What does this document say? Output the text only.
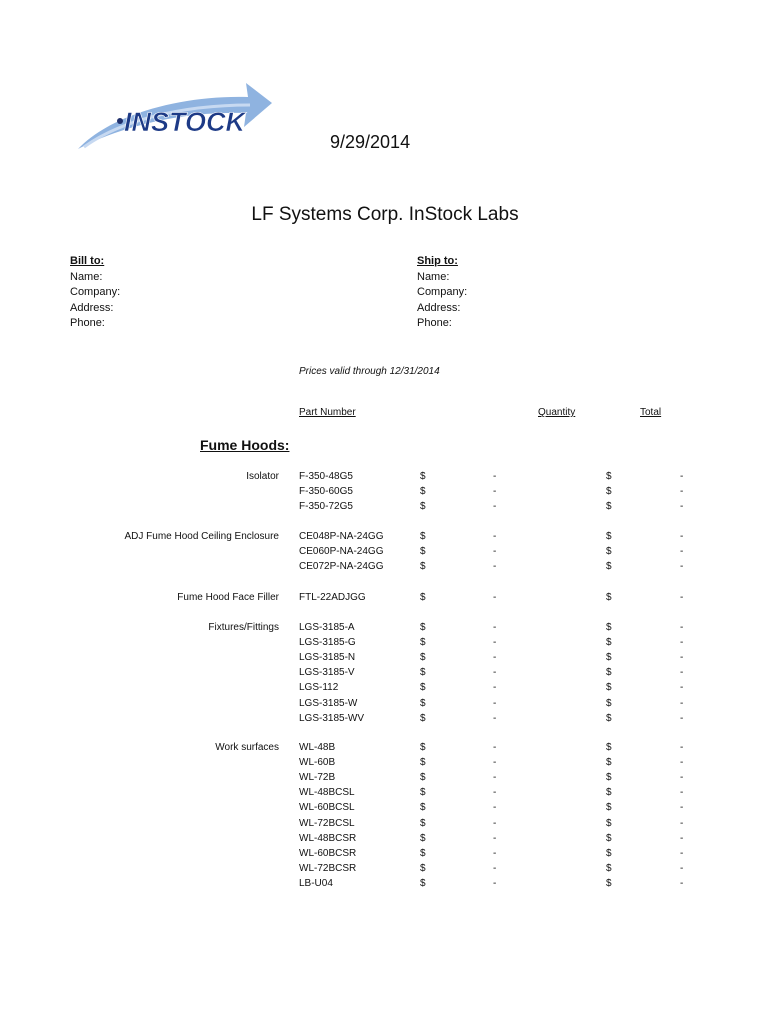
INSTOCK
9/29/2014
LF Systems Corp. InStock Labs
Bill to:
Name:
Company:
Address:
Phone:
Ship to:
Name:
Company:
Address:
Phone:
Prices valid through 12/31/2014
Part Number	Quantity	Total
Fume Hoods:
Isolator F-350-48G5	$	-	$	-
F-350-60G5	$	-	$	-
F-350-72G5	$	-	$	-
ADJ Fume Hood Ceiling Enclosure CE048P-NA-24GG	$	-	$	-
CE060P-NA-24GG	$	-	$	-
CE072P-NA-24GG	$	-	$	-
Fume Hood Face Filler FTL-22ADJGG	$	-	$	-
Fixtures/Fittings LGS-3185-A	$	-	$	-
LGS-3185-G	$	-	$	-
LGS-3185-N	$	-	$	-
LGS-3185-V	$	-	$	-
LGS-112	$	-	$	-
LGS-3185-W	$	-	$	-
LGS-3185-WV	$	-	$	-
Work surfaces WL-48B	$	-	$	-
WL-60B	$	-	$	-
WL-72B	$	-	$	-
WL-48BCSL	$	-	$	-
WL-60BCSL	$	-	$	-
WL-72BCSL	$	-	$	-
WL-48BCSR	$	-	$	-
WL-60BCSR	$	-	$	-
WL-72BCSR	$	-	$	-
LB-U04	$	-	$	-
